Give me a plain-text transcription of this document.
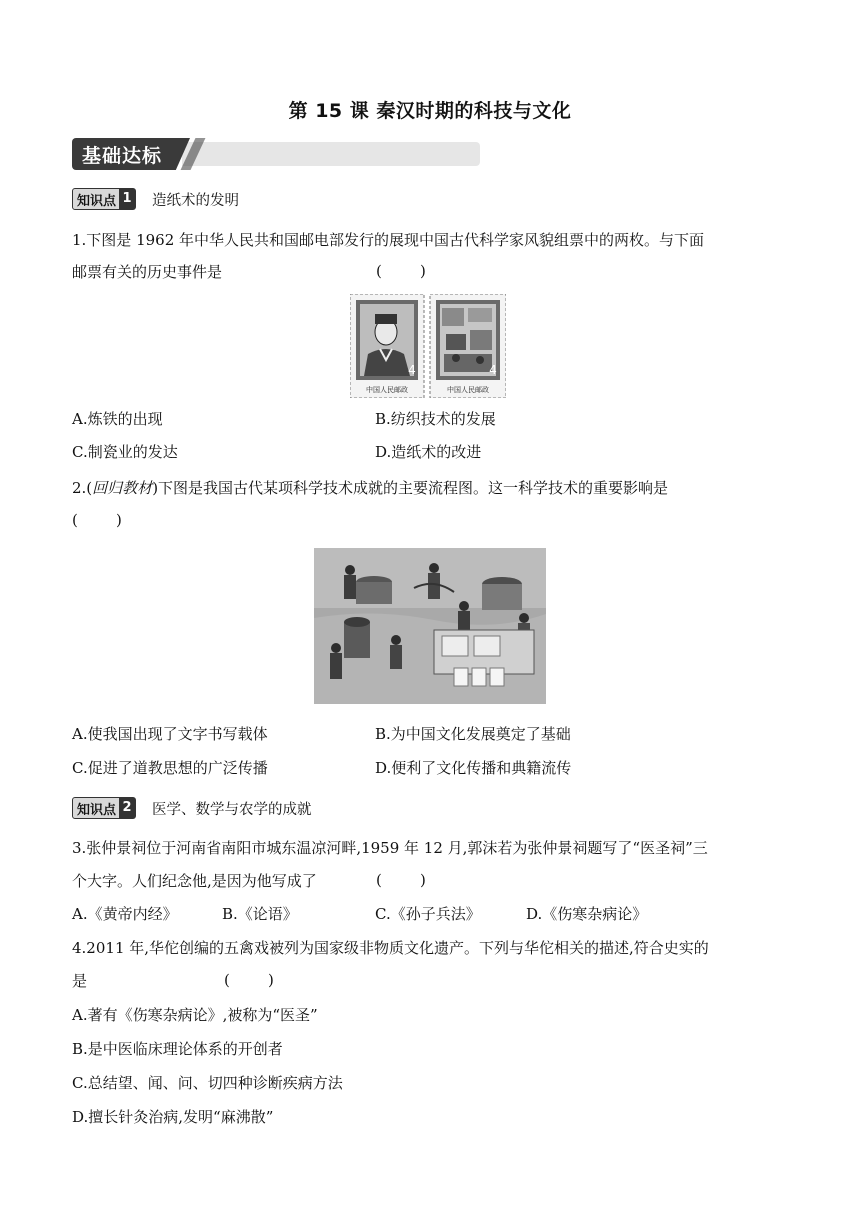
第 15 课 秦汉时期的科技与文化
基础达标
知识点 1 造纸术的发明
1.下图是 1962 年中华人民共和国邮电部发行的展现中国古代科学家风貌组票中的两枚。与下面
邮票有关的历史事件是	(        )
中国人民邮政
4
中国人民邮政
4
A.炼铁的出现	B.纺织技术的发展
C.制瓷业的发达	D.造纸术的改进
2.(回归教材)下图是我国古代某项科学技术成就的主要流程图。这一科学技术的重要影响是
(        )
A.使我国出现了文字书写载体	B.为中国文化发展奠定了基础
C.促进了道教思想的广泛传播	D.便利了文化传播和典籍流传
知识点 2 医学、数学与农学的成就
3.张仲景祠位于河南省南阳市城东温凉河畔,1959 年 12 月,郭沫若为张仲景祠题写了“医圣祠”三
个大字。人们纪念他,是因为他写成了	(        )
A.《黄帝内经》	B.《论语》	C.《孙子兵法》	D.《伤寒杂病论》
4.2011 年,华佗创编的五禽戏被列为国家级非物质文化遗产。下列与华佗相关的描述,符合史实的
是	(        )
A.著有《伤寒杂病论》,被称为“医圣”
B.是中医临床理论体系的开创者
C.总结望、闻、问、切四种诊断疾病方法
D.擅长针灸治病,发明“麻沸散”
